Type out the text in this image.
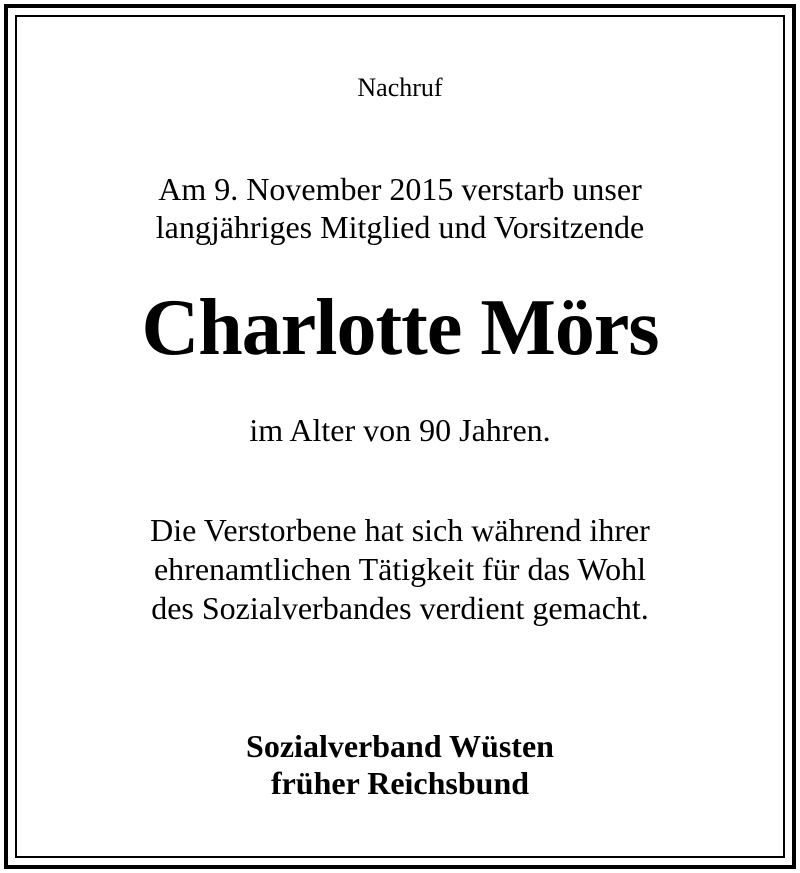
Nachruf

Am 9. November 2015 verstarb unser
langjähriges Mitglied und Vorsitzende
Charlotte Mörs

im Alter von 90 Jahren.

Die Verstorbene hat sich während ihrer
ehrenamtlichen Tätigkeit für das Wohl
des Sozialverbandes verdient gemacht.
Sozialverband Wüsten
früher Reichsbund
